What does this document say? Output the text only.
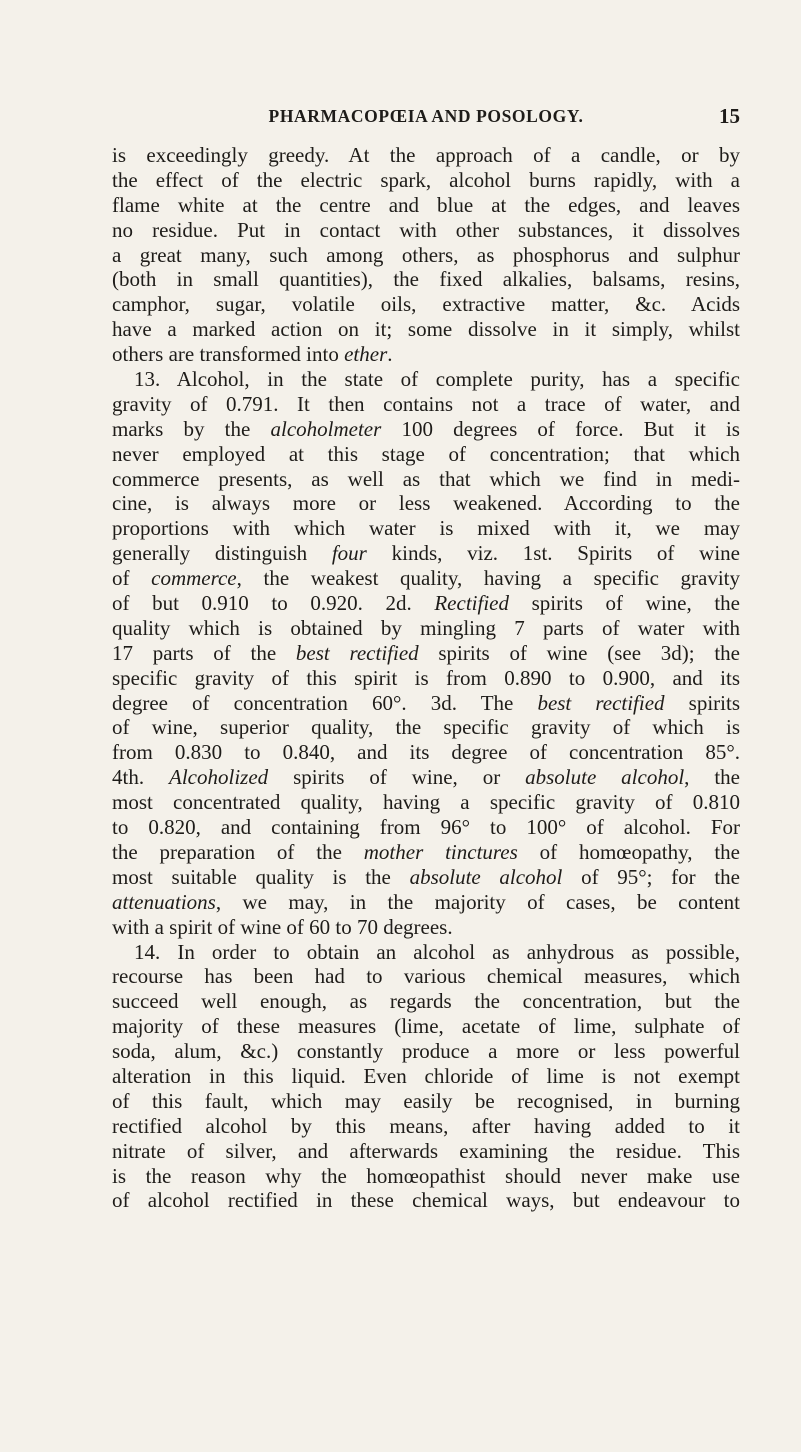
PHARMACOPŒIA AND POSOLOGY.	15
is exceedingly greedy. At the approach of a candle, or by
the effect of the electric spark, alcohol burns rapidly, with a
flame white at the centre and blue at the edges, and leaves
no residue. Put in contact with other substances, it dissolves
a great many, such among others, as phosphorus and sulphur
(both in small quantities), the fixed alkalies, balsams, resins,
camphor, sugar, volatile oils, extractive matter, &c. Acids
have a marked action on it; some dissolve in it simply, whilst
others are transformed into ether.
13. Alcohol, in the state of complete purity, has a specific
gravity of 0.791. It then contains not a trace of water, and
marks by the alcoholmeter 100 degrees of force. But it is
never employed at this stage of concentration; that which
commerce presents, as well as that which we find in medi-
cine, is always more or less weakened. According to the
proportions with which water is mixed with it, we may
generally distinguish four kinds, viz. 1st. Spirits of wine
of commerce, the weakest quality, having a specific gravity
of but 0.910 to 0.920. 2d. Rectified spirits of wine, the
quality which is obtained by mingling 7 parts of water with
17 parts of the best rectified spirits of wine (see 3d); the
specific gravity of this spirit is from 0.890 to 0.900, and its
degree of concentration 60°. 3d. The best rectified spirits
of wine, superior quality, the specific gravity of which is
from 0.830 to 0.840, and its degree of concentration 85°.
4th. Alcoholized spirits of wine, or absolute alcohol, the
most concentrated quality, having a specific gravity of 0.810
to 0.820, and containing from 96° to 100° of alcohol. For
the preparation of the mother tinctures of homœopathy, the
most suitable quality is the absolute alcohol of 95°; for the
attenuations, we may, in the majority of cases, be content
with a spirit of wine of 60 to 70 degrees.
14. In order to obtain an alcohol as anhydrous as possible,
recourse has been had to various chemical measures, which
succeed well enough, as regards the concentration, but the
majority of these measures (lime, acetate of lime, sulphate of
soda, alum, &c.) constantly produce a more or less powerful
alteration in this liquid. Even chloride of lime is not exempt
of this fault, which may easily be recognised, in burning
rectified alcohol by this means, after having added to it
nitrate of silver, and afterwards examining the residue. This
is the reason why the homœopathist should never make use
of alcohol rectified in these chemical ways, but endeavour to
